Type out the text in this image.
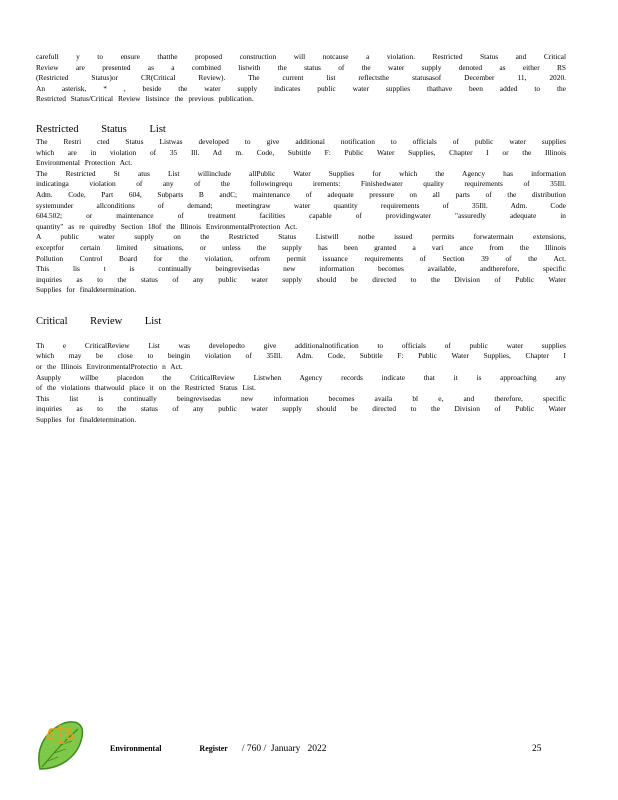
carefull y to ensure thatthe proposed construction will notcause a violation. Restricted Status and Critical

Review are presented as a combined listwith the status of the water supply denoted as either RS

(Restricted Status)or CR(Critical Review). The current list reflectsthe statusasof December 11, 2020.

An asterisk, * , beside the water supply indicates public water supplies thathave been added to the

Restricted Status/Critical Review listsince the previous publication.

Restricted Status List

The Restri cted Status Listwas developed to give additional notification to officials of public water supplies

which are in violation of 35 Ill. Ad m. Code, Subtitle F: Public Water Supplies, Chapter I or the Illinois

Environmental Protection Act.

The Restricted St atus List willinclude allPublic Water Supplies for which the Agency has information

indicatinga violation of any of the followingrequ irements: Finishedwater quality requirements of 35Ill.

Adm. Code, Part 604, Subparts B andC; maintenance of adequate pressure on all parts of the distribution

systemunder allconditions of demand; meetingraw water quantity requirements of 35Ill. Adm. Code

604.502; or maintenance of treatment facilities capable of providingwater "assuredly adequate in

quantity" as re quiredby Section 18of the Illinois EnvironmentalProtection Act.

A public water supply on the Restricted Status Listwill notbe issued permits forwatermain extensions,

exceptfor certain limited situations, or unless the supply has been granted a vari ance from the Illinois

Pollution Control Board for the violation, orfrom permit issuance requirements of Section 39 of the Act.

This lis t is continually beingrevisedas new information becomes available, andtherefore, specific

inquiries as to the status of any public water supply should be directed to the Division of Public Water

Supplies for finaldetermination.

Critical Review List

Th e CriticalReview List was developedto give additionalnotification to officials of public water supplies

which may be close to beingin violation of 35Ill. Adm. Code, Subtitle F: Public Water Supplies, Chapter I

or the Illinois EnvironmentalProtectio n Act.

Asupply willbe placedon the CriticalReview Listwhen Agency records indicate that it is approaching any

of the violations thatwould place it on the Restricted Status List.

This list is continually beingrevisedas new information becomes availa bl e, and therefore, specific

inquiries as to the status of any public water supply should be directed to the Division of Public Water

Supplies for finaldetermination.

Environmental	Register / 760 /  January   2022	25
